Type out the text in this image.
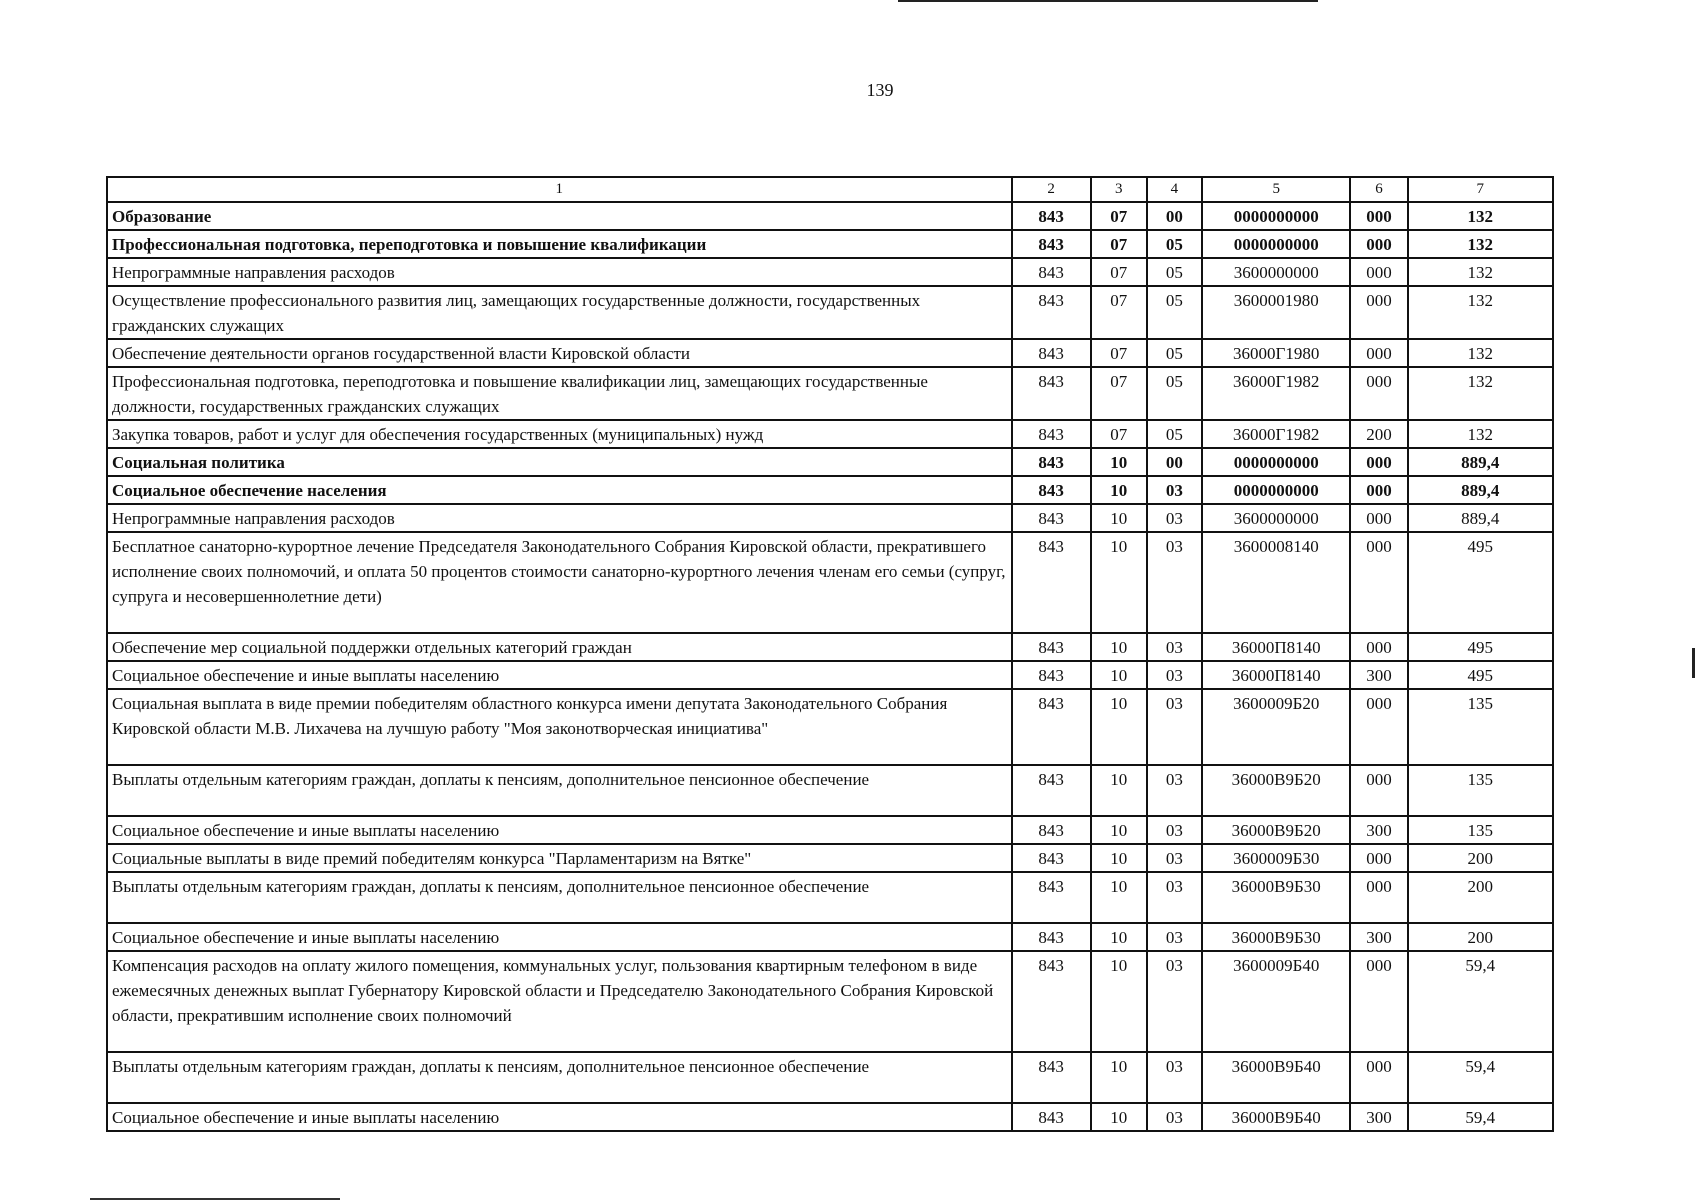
139
1	2	3	4	5	6	7
Образование	843	07	00	0000000000	000	132
Профессиональная подготовка, переподготовка и повышение квалификации	843	07	05	0000000000	000	132
Непрограммные направления расходов	843	07	05	3600000000	000	132
Осуществление профессионального развития лиц, замещающих государственные должности, государственных гражданских служащих	843	07	05	3600001980	000	132
Обеспечение деятельности органов государственной власти Кировской области	843	07	05	36000Г1980	000	132
Профессиональная подготовка, переподготовка и повышение квалификации лиц, замещающих государственные должности, государственных гражданских служащих	843	07	05	36000Г1982	000	132
Закупка товаров, работ и услуг для обеспечения государственных (муниципальных) нужд	843	07	05	36000Г1982	200	132
Социальная политика	843	10	00	0000000000	000	889,4
Социальное обеспечение населения	843	10	03	0000000000	000	889,4
Непрограммные направления расходов	843	10	03	3600000000	000	889,4
Бесплатное санаторно-курортное лечение Председателя Законодательного Собрания Кировской области, прекратившего исполнение своих полномочий, и оплата 50 процентов стоимости санаторно-курортного лечения членам его семьи (супруг, супруга и несовершеннолетние дети)	843	10	03	3600008140	000	495
Обеспечение мер социальной поддержки отдельных категорий граждан	843	10	03	36000П8140	000	495
Социальное обеспечение и иные выплаты населению	843	10	03	36000П8140	300	495
Социальная выплата в виде премии победителям областного конкурса имени депутата Законодательного Собрания Кировской области М.В. Лихачева на лучшую работу "Моя законотворческая инициатива"	843	10	03	3600009Б20	000	135
Выплаты отдельным категориям граждан, доплаты к пенсиям, дополнительное пенсионное обеспечение	843	10	03	36000В9Б20	000	135
Социальное обеспечение и иные выплаты населению	843	10	03	36000В9Б20	300	135
Социальные выплаты в виде премий победителям конкурса "Парламентаризм на Вятке"	843	10	03	3600009Б30	000	200
Выплаты отдельным категориям граждан, доплаты к пенсиям, дополнительное пенсионное обеспечение	843	10	03	36000В9Б30	000	200
Социальное обеспечение и иные выплаты населению	843	10	03	36000В9Б30	300	200
Компенсация расходов на оплату жилого помещения, коммунальных услуг, пользования квартирным телефоном в виде ежемесячных денежных выплат Губернатору Кировской области и Председателю Законодательного Собрания Кировской области, прекратившим исполнение своих полномочий	843	10	03	3600009Б40	000	59,4
Выплаты отдельным категориям граждан, доплаты к пенсиям, дополнительное пенсионное обеспечение	843	10	03	36000В9Б40	000	59,4
Социальное обеспечение и иные выплаты населению	843	10	03	36000В9Б40	300	59,4
